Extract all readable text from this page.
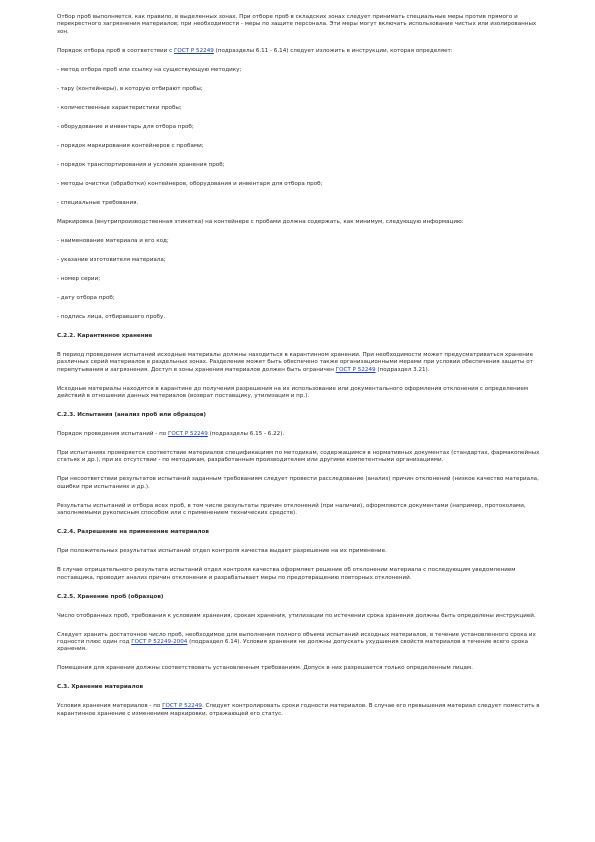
Отбор проб выполняется, как правило, в выделенных зонах. При отборе проб в складских зонах следует принимать специальные меры против прямого и перекрестного загрязнения материалов; при необходимости - меры по защите персонала. Эти меры могут включать использование чистых или изолированных зон.
Порядок отбора проб в соответствии с ГОСТ Р 52249 (подразделы 6.11 - 6.14) следует изложить в инструкции, которая определяет:
- метод отбора проб или ссылку на существующую методику;
- тару (контейнеры), в которую отбирают пробы;
- количественные характеристики пробы;
- оборудование и инвентарь для отбора проб;
- порядок маркирования контейнеров с пробами;
- порядок транспортирования и условия хранения проб;
- методы очистки (обработки) контейнеров, оборудования и инвентаря для отбора проб;
- специальные требования.
Маркировка (внутрипроизводственная этикетка) на контейнере с пробами должна содержать, как минимум, следующую информацию:
- наименование материала и его код;
- указание изготовителя материала;
- номер серии;
- дату отбора проб;
- подпись лица, отбиравшего пробу.
С.2.2. Карантинное хранение
В период проведения испытаний исходные материалы должны находиться в карантинном хранении. При необходимости может предусматриваться хранение различных серий материалов в раздельных зонах. Разделение может быть обеспечено также организационными мерами при условии обеспечения защиты от перепутывания и загрязнения. Доступ в зоны хранения материалов должен быть ограничен ГОСТ Р 52249 (подраздел 3.21).
Исходные материалы находятся в карантине до получения разрешения на их использование или документального оформления отклонения с определением действий в отношении данных материалов (возврат поставщику, утилизация и пр.).
С.2.3. Испытания (анализ проб или образцов)
Порядок проведения испытаний - по ГОСТ Р 52249 (подразделы 6.15 - 6.22).
При испытаниях проверяется соответствие материалов спецификациям по методикам, содержащимся в нормативных документах (стандартах, фармакопейных статьях и др.), при их отсутствии - по методикам, разработанным производителем или другими компетентными организациями.
При несоответствии результатов испытаний заданным требованиям следует провести расследование (анализ) причин отклонений (низкое качество материала, ошибки при испытаниях и др.).
Результаты испытаний и отбора всех проб, в том числе результаты причин отклонений (при наличии), оформляются документами (например, протоколами, заполняемыми рукописным способом или с применением технических средств).
С.2.4. Разрешение на применение материалов
При положительных результатах испытаний отдел контроля качества выдает разрешение на их применение.
В случае отрицательного результата испытаний отдел контроля качества оформляет решение об отклонении материала с последующим уведомлением поставщика, проводит анализ причин отклонения и разрабатывает меры по предотвращению повторных отклонений.
С.2.5. Хранение проб (образцов)
Число отобранных проб, требования к условиям хранения, срокам хранения, утилизации по истечении срока хранения должны быть определены инструкцией.
Следует хранить достаточное число проб, необходимое для выполнения полного объема испытаний исходных материалов, в течение установленного срока их годности плюс один год ГОСТ Р 52249-2004 (подраздел 6.14). Условия хранения не должны допускать ухудшения свойств материалов в течение всего срока хранения.
Помещения для хранения должны соответствовать установленным требованиям. Допуск в них разрешается только определенным лицам.
С.3. Хранение материалов
Условия хранения материалов - по ГОСТ Р 52249. Следует контролировать сроки годности материалов. В случае его превышения материал следует поместить в карантинное хранение с изменением маркировки, отражающей его статус.
